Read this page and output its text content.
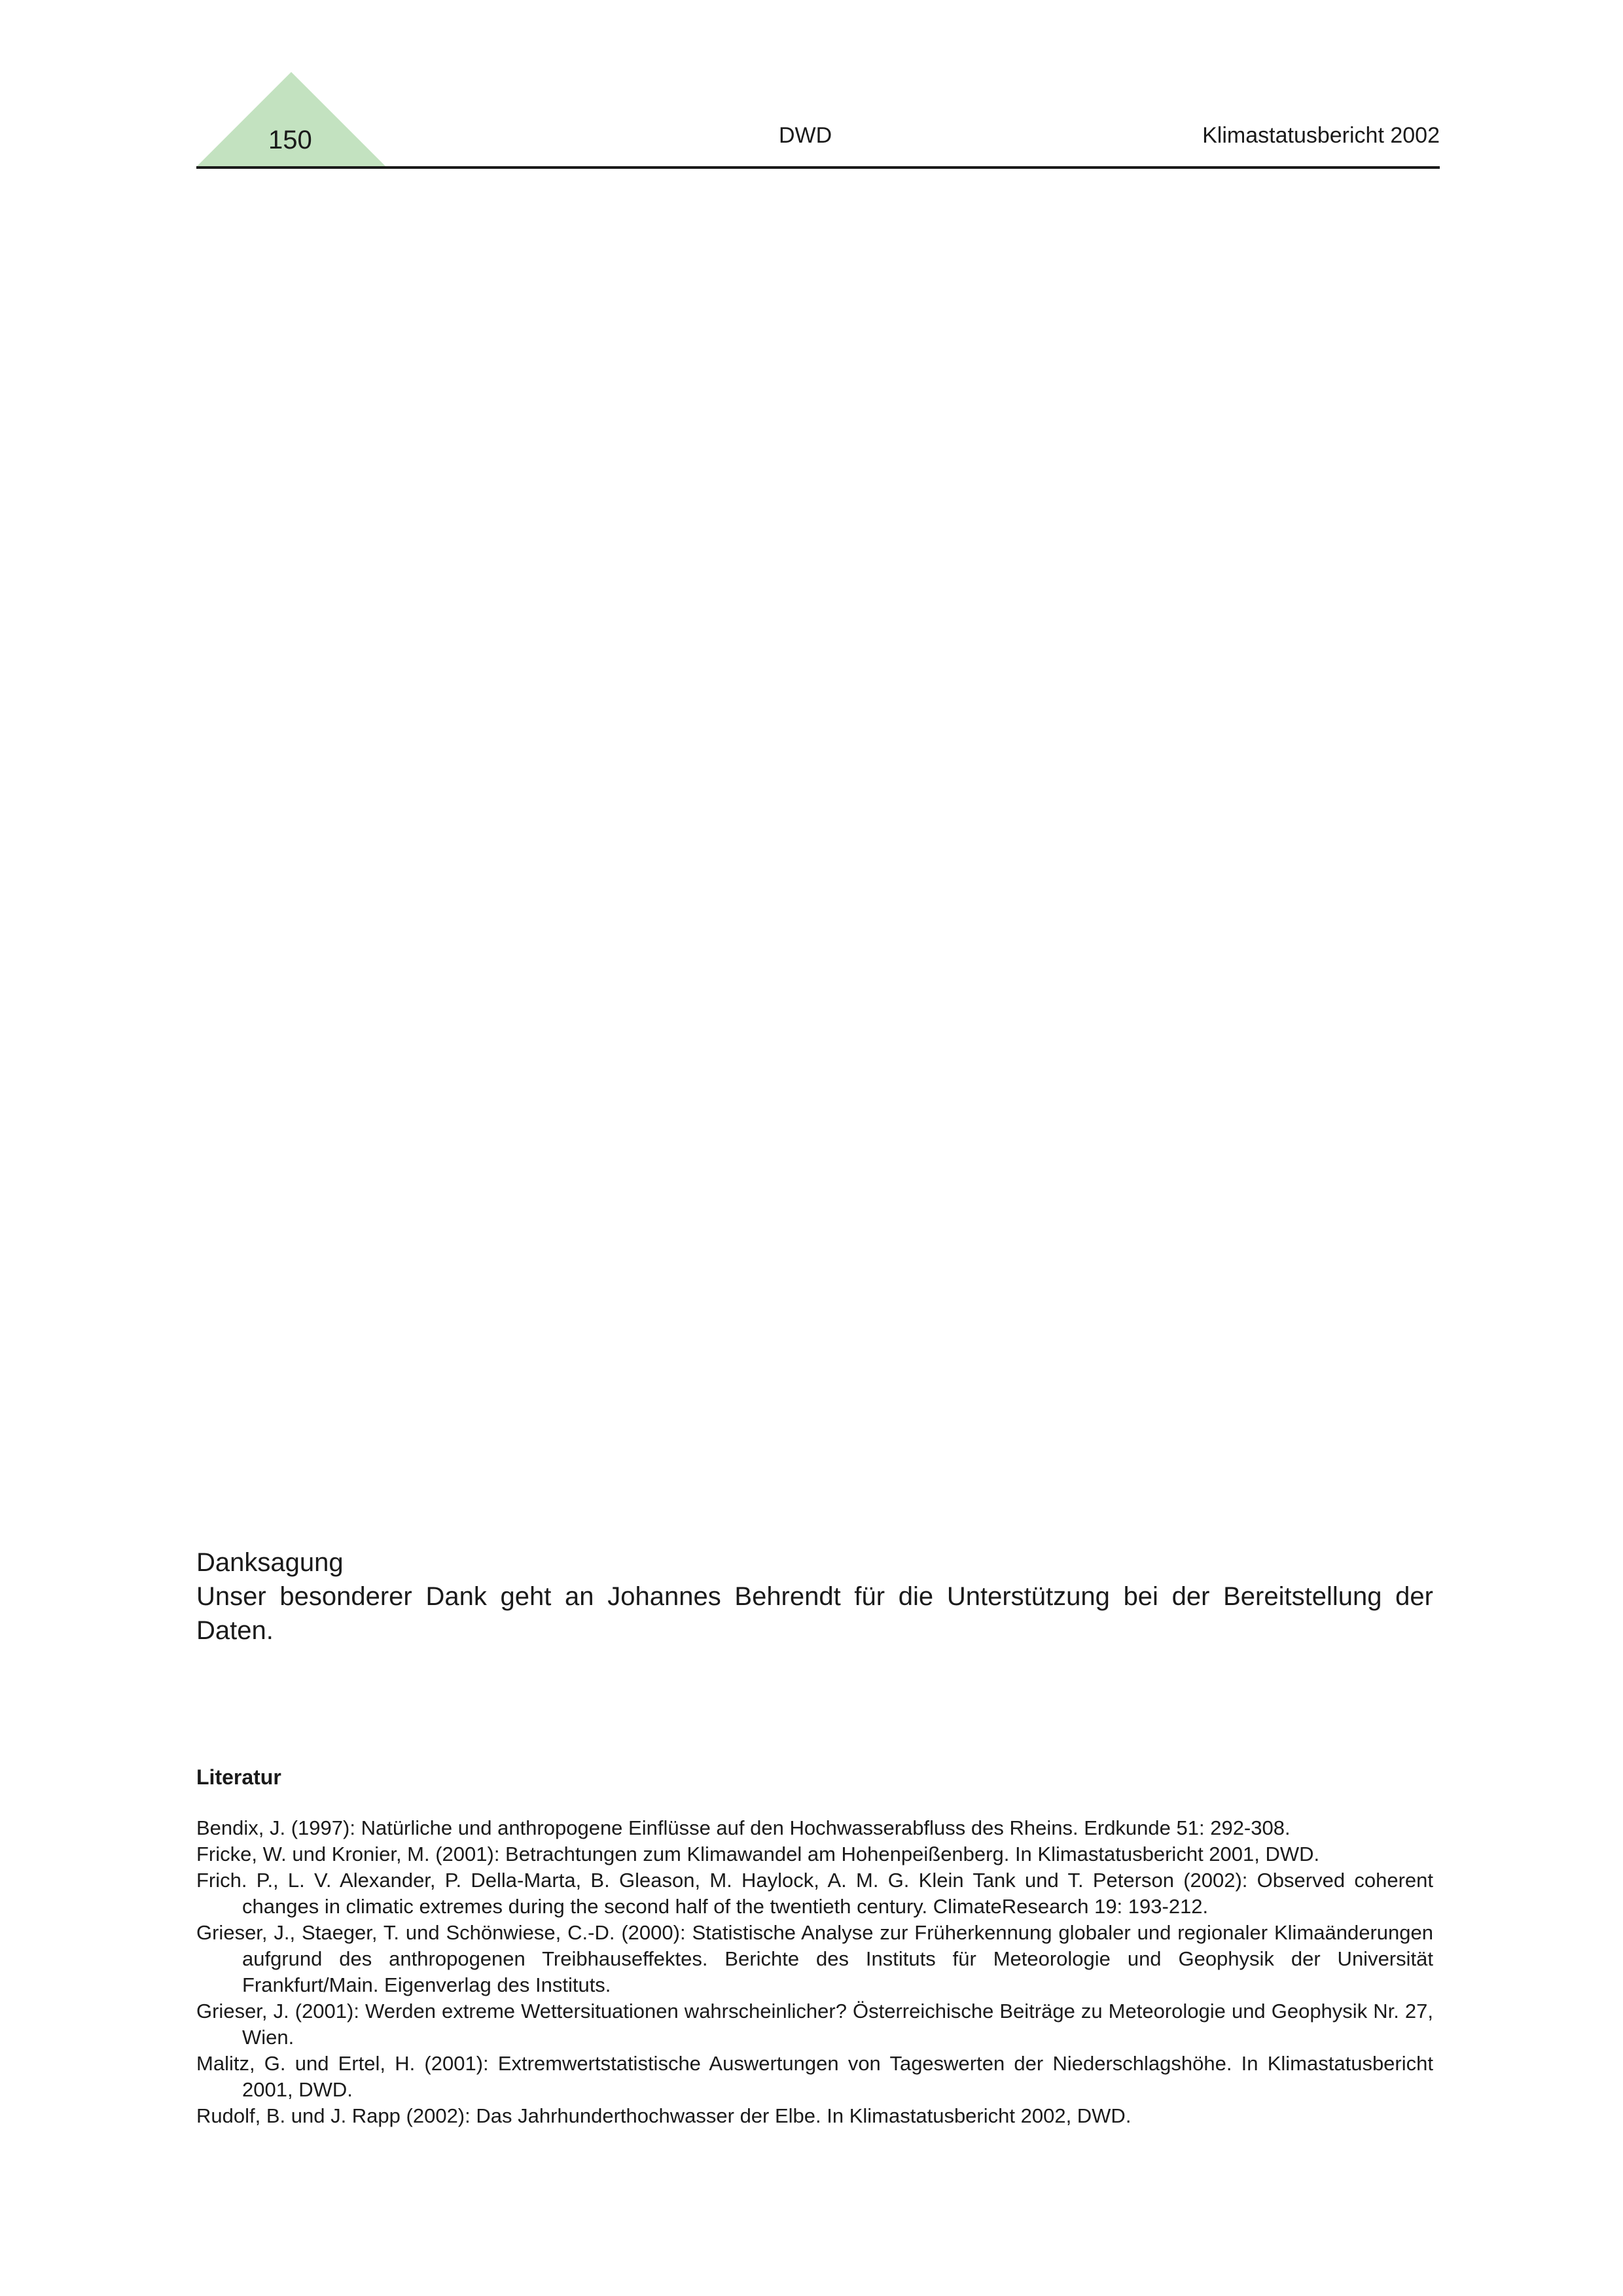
150	DWD	Klimastatusbericht 2002
Danksagung
Unser besonderer Dank geht an Johannes Behrendt für die Unterstützung bei der Bereitstellung der Daten.
Literatur

Bendix, J. (1997): Natürliche und anthropogene Einflüsse auf den Hochwasserabfluss des Rheins. Erdkunde 51: 292-308.

Fricke, W. und Kronier, M. (2001): Betrachtungen zum Klimawandel am Hohenpeißenberg. In Klimastatusbericht 2001, DWD.

Frich. P., L. V. Alexander, P. Della-Marta, B. Gleason, M. Haylock, A. M. G. Klein Tank und T. Peterson (2002): Observed coherent changes in climatic extremes during the second half of the twentieth century. ClimateResearch 19: 193-212.

Grieser, J., Staeger, T. und Schönwiese, C.-D. (2000): Statistische Analyse zur Früherkennung globaler und regionaler Klimaänderungen aufgrund des anthropogenen Treibhauseffektes. Berichte des Instituts für Meteorologie und Geophysik der Universität Frankfurt/Main. Eigenverlag des Instituts.

Grieser, J. (2001): Werden extreme Wettersituationen wahrscheinlicher? Österreichische Beiträge zu Meteorologie und Geophysik Nr. 27, Wien.

Malitz, G. und Ertel, H. (2001): Extremwertstatistische Auswertungen von Tageswerten der Niederschlagshöhe. In Klimastatusbericht 2001, DWD.

Rudolf, B. und J. Rapp (2002): Das Jahrhunderthochwasser der Elbe. In Klimastatusbericht 2002, DWD.
